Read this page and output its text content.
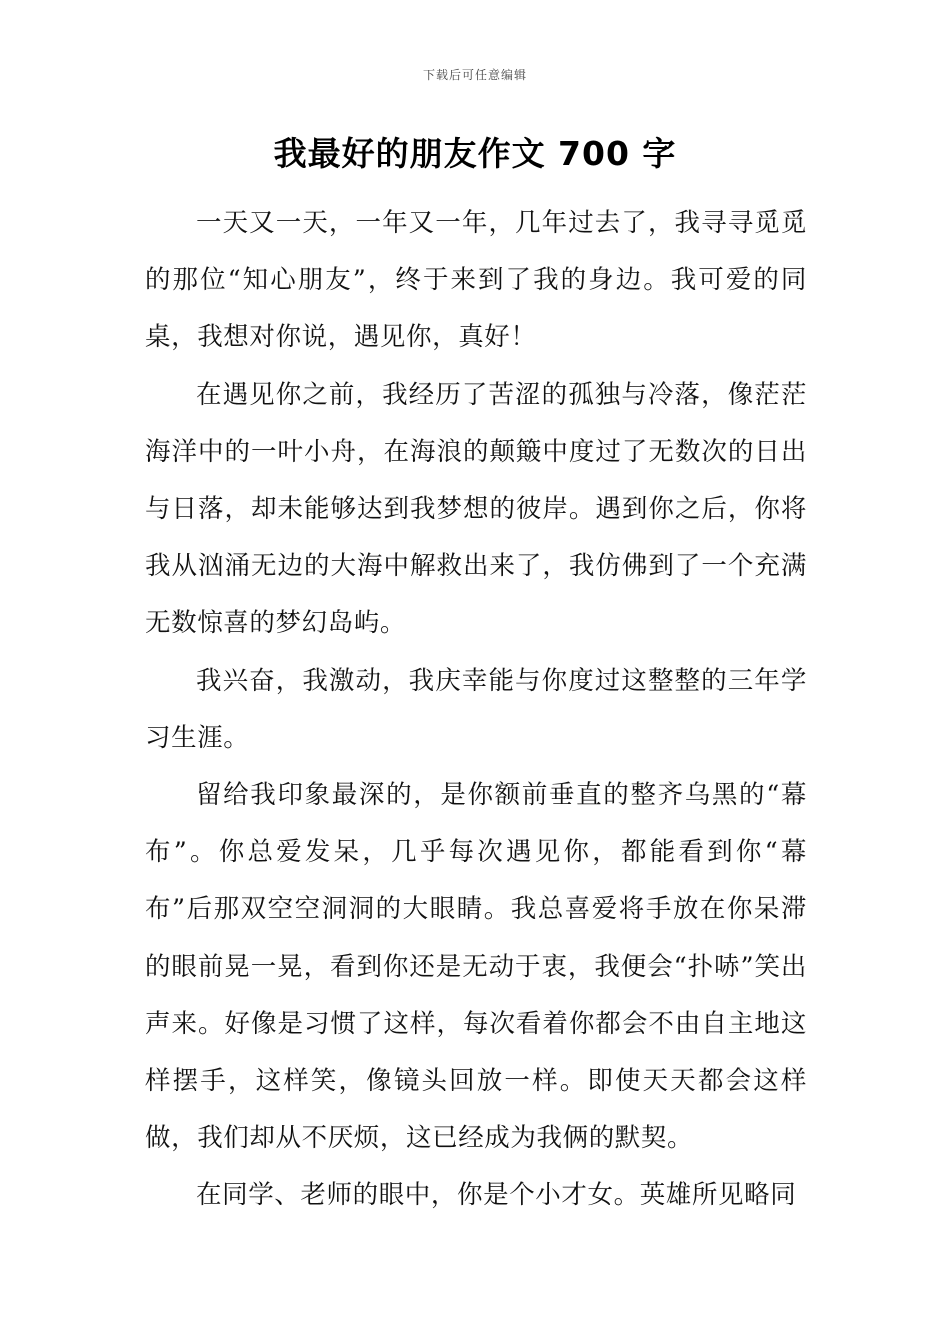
下载后可任意编辑
我最好的朋友作文 700 字

一天又一天，一年又一年，几年过去了，我寻寻觅觅的那位“知心朋友”，终于来到了我的身边。我可爱的同桌，我想对你说，遇见你，真好！

在遇见你之前，我经历了苦涩的孤独与冷落，像茫茫海洋中的一叶小舟，在海浪的颠簸中度过了无数次的日出与日落，却未能够达到我梦想的彼岸。遇到你之后，你将我从汹涌无边的大海中解救出来了，我仿佛到了一个充满无数惊喜的梦幻岛屿。

我兴奋，我激动，我庆幸能与你度过这整整的三年学习生涯。

留给我印象最深的，是你额前垂直的整齐乌黑的“幕布”。你总爱发呆，几乎每次遇见你，都能看到你“幕布”后那双空空洞洞的大眼睛。我总喜爱将手放在你呆滞的眼前晃一晃，看到你还是无动于衷，我便会“扑哧”笑出声来。好像是习惯了这样，每次看着你都会不由自主地这样摆手，这样笑，像镜头回放一样。即使天天都会这样做，我们却从不厌烦，这已经成为我俩的默契。

在同学、老师的眼中，你是个小才女。英雄所见略同
